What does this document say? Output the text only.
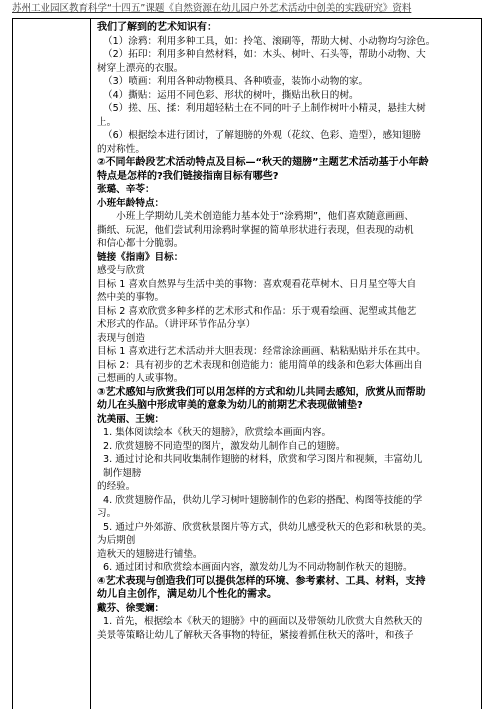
苏州工业园区教育科学“十四五”课题《自然资源在幼儿园户外艺术活动中创美的实践研究》资料

我们了解到的艺术知识有：

（1）涂鸦：利用多种工具，如：拎笔、滚刷等，帮助大树、小动物均匀涂色。

（2）拓印：利用多种自然材料，如：木头、树叶、石头等，帮助小动物、大

树穿上漂亮的衣服。

（3）喷画：利用各种动物模具、各种喷壶，装饰小动物的家。

（4）撕贴：运用不同色彩、形状的树叶，撕贴出秋日的树。

（5）搓、压、揉：利用超轻粘土在不同的叶子上制作树叶小精灵，悬挂大树

上。

（6）根据绘本进行团讨，了解翅膀的外观（花纹、色彩、造型），感知翅膀

的对称性。

②不同年龄段艺术活动特点及目标—“秋天的翅膀”主题艺术活动基于小年龄

特点是怎样的?我们链接指南目标有哪些?

张璐、辛苓：

小班年龄特点：

小班上学期幼儿美术创造能力基本处于“涂鸦期”，他们喜欢随意画画、

撕纸、玩泥，他们尝试利用涂鸦时掌握的简单形状进行表现，但表现的动机

和信心都十分脆弱。

链接《指南》目标：

感受与欣赏

目标 1 喜欢自然界与生活中美的事物：喜欢观看花草树木、日月星空等大自

然中美的事物。

目标 2 喜欢欣赏多种多样的艺术形式和作品：乐于观看绘画、泥塑或其他艺

术形式的作品。（讲评环节作品分享）

表现与创造

目标 1 喜欢进行艺术活动并大胆表现：经常涂涂画画、粘粘贴贴并乐在其中。

目标 2：具有初步的艺术表现和创造能力：能用简单的线条和色彩大体画出自

己想画的人或事物。

③艺术感知与欣赏我们可以用怎样的方式和幼儿共同去感知，欣赏从而帮助

幼儿在头脑中形成审美的意象为幼儿的前期艺术表现做铺垫?

沈美丽、王婉：

1. 集体阅读绘本《秋天的翅膀》，欣赏绘本画面内容。

2. 欣赏翅膀不同造型的图片，激发幼儿制作自己的翅膀。

3. 通过讨论和共同收集制作翅膀的材料，欣赏和学习图片和视频，丰富幼儿

制作翅膀

的经验。

4. 欣赏翅膀作品，供幼儿学习树叶翅膀制作的色彩的搭配、构图等技能的学

习。

5. 通过户外郊游、欣赏秋景图片等方式，供幼儿感受秋天的色彩和秋景的美。

为后期创

造秋天的翅膀进行铺垫。

6. 通过团讨和欣赏绘本画面内容，激发幼儿为不同动物制作秋天的翅膀。

④艺术表现与创造我们可以提供怎样的环境、参考素材、工具、材料，支持

幼儿自主创作，满足幼儿个性化的需求。

戴芬、徐雯斓：

1. 首先，根据绘本《秋天的翅膀》中的画面以及带领幼儿欣赏大自然秋天的

美景等策略让幼儿了解秋天各事物的特征，紧接着抓住秋天的落叶，和孩子
